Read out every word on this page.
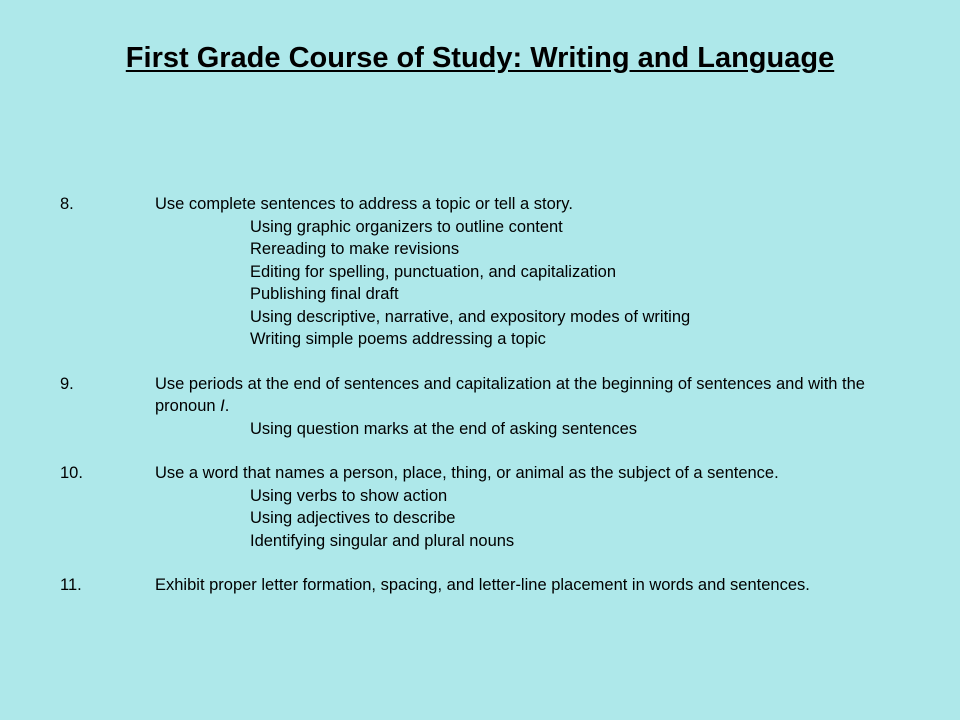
First Grade Course of Study: Writing and Language
8.	Use complete sentences to address a topic or tell a story.
Using graphic organizers to outline content
Rereading to make revisions
Editing for spelling, punctuation, and capitalization
Publishing final draft
Using descriptive, narrative, and expository modes of writing
Writing simple poems addressing a topic
9.	Use periods at the end of sentences and capitalization at the beginning of sentences and with the pronoun I.
Using question marks at the end of asking sentences
10.	Use a word that names a person, place, thing, or animal as the subject of a sentence.
Using verbs to show action
Using adjectives to describe
Identifying singular and plural nouns
11.	Exhibit proper letter formation, spacing, and letter-line placement in words and sentences.
